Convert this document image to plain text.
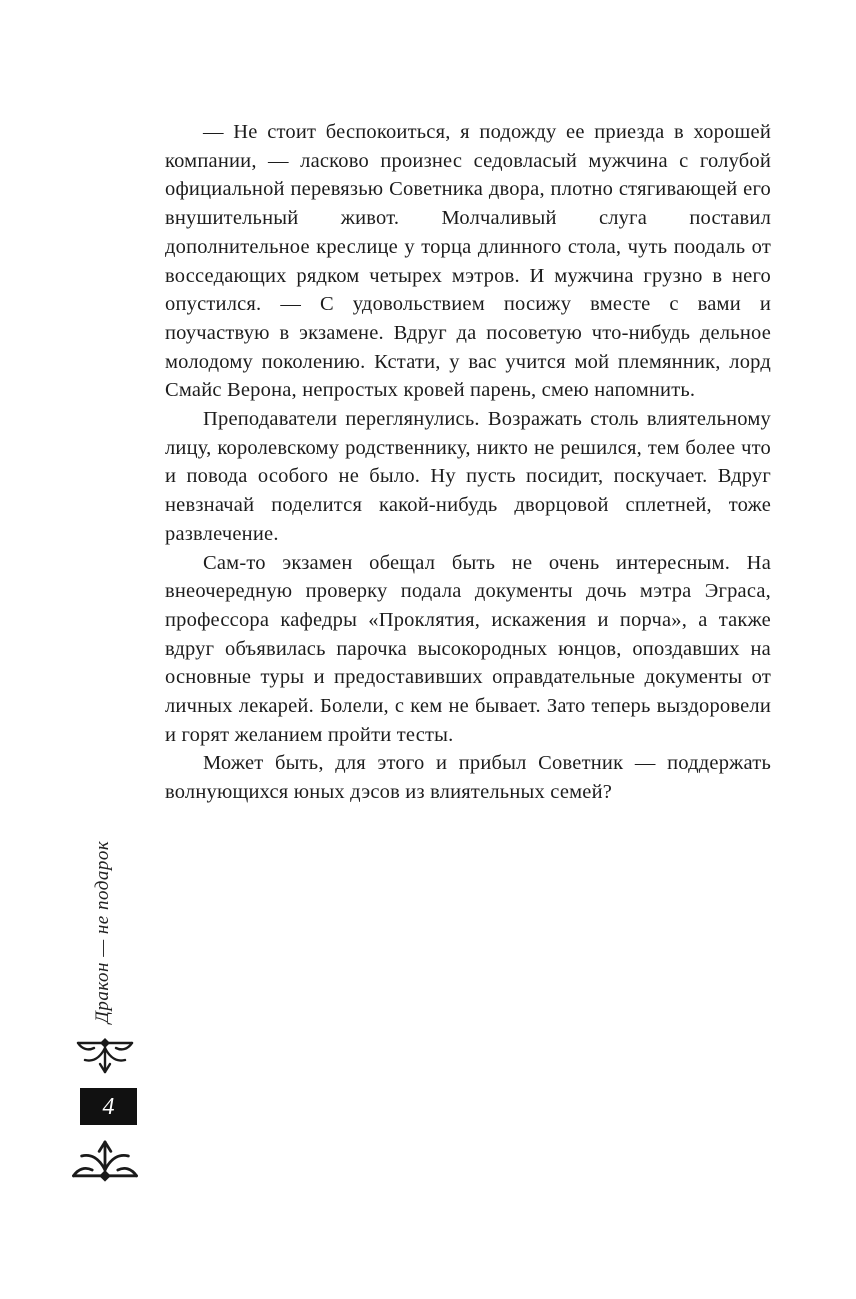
— Не стоит беспокоиться, я подожду ее приезда в хорошей компании, — ласково произнес седовласый мужчина с голубой официальной перевязью Советника двора, плотно стягивающей его внушительный живот. Молчаливый слуга поставил дополнительное креслице у торца длинного стола, чуть поодаль от восседающих рядком четырех мэтров. И мужчина грузно в него опустился. — С удовольствием посижу вместе с вами и поучаствую в экзамене. Вдруг да посоветую что-нибудь дельное молодому поколению. Кстати, у вас учится мой племянник, лорд Смайс Верона, непростых кровей парень, смею напомнить.

Преподаватели переглянулись. Возражать столь влиятельному лицу, королевскому родственнику, никто не решился, тем более что и повода особого не было. Ну пусть посидит, поскучает. Вдруг невзначай поделится какой-нибудь дворцовой сплетней, тоже развлечение.

Сам-то экзамен обещал быть не очень интересным. На внеочередную проверку подала документы дочь мэтра Эграса, профессора кафедры «Проклятия, искажения и порча», а также вдруг объявилась парочка высокородных юнцов, опоздавших на основные туры и предоставивших оправдательные документы от личных лекарей. Болели, с кем не бывает. Зато теперь выздоровели и горят желанием пройти тесты.

Может быть, для этого и прибыл Советник — поддержать волнующихся юных дэсов из влиятельных семей?

Дракон — не подарок
4
